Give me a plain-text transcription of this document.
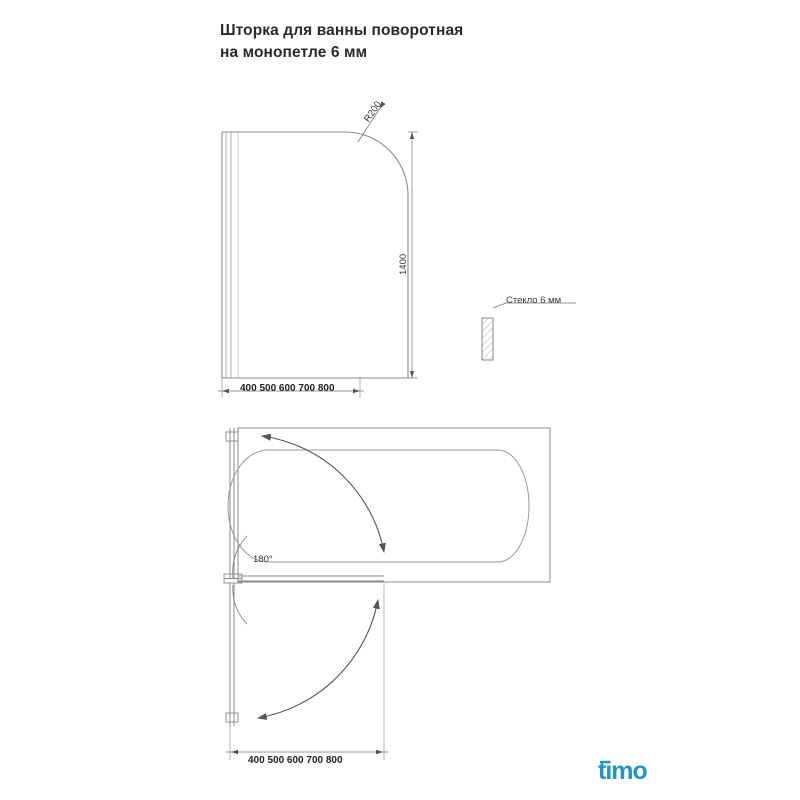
Шторка для ванны поворотная
на монопетле 6 мм
R200
1400
400 500 600 700 800
Стекло 6 мм
180°
400 500 600 700 800	timo
